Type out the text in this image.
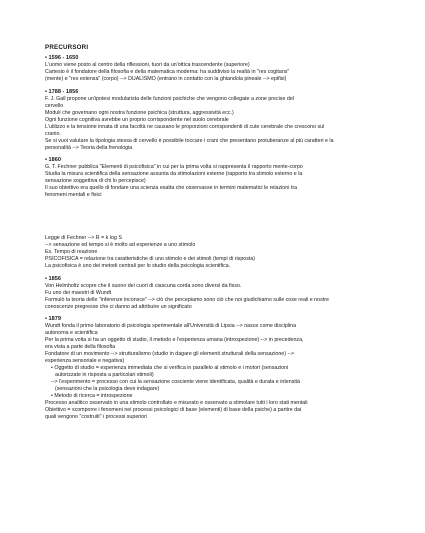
PRECURSORI

• 1596 - 1650

L'uomo viene posto al centro della riflessioni, tuori da un'ottica trascendente (superiore)

Cartesio è il fondatore della filosofia e della matematica moderna: ha suddiviso la realtà in "res cogitans"

(mente) e "res extensa" (corpo) --> DUALISMO (entrano in contatto con la ghiandola pineale --> epifisi)

• 1788 - 1856

F. J. Gall propone un'ipotesi modularista delle funzioni psichiche che vengono collegate a zone precise del

cervello

Moduli che governano ogni nostra funzione psichica (struttura, aggressività ecc.)

Ogni funzione cognitiva avrebbe un proprio corrispondente nel suolo cerebrale

L'utilizzo e la tensione innata di una facoltà ne causano le proporzioni corrispondenti di cute cerebrale che crescono sul

cranio.

Se si vuoi valutare la tipologia stessa di cervello è possibile toccare i crani che presentano protuberanze al più caratteri e la

personalità --> Teoria della frenologia

• 1860

G. T. Fechner pubblica "Elementi di psicofisica" in cui per la prima volta si rappresenta il rapporto mente-corpo

Studia la misura scientifica della sensazione assunta da stimolazioni esterne (rapporto tra stimolo esterno e la

sensazione soggettiva di chi lo percepisce)

Il suo obiettivo era quello di fondare una scienza esatta che osservasse in termini matematici le relazioni tra

fenomeni mentali e fisici

Legge di Fechner --> R = k log S

--> sensazione ed tempo si è molto ad esperienze a uno stimolo

Es. Tempo di reazione

PSICOFISICA = relazione tra caratteristiche di uno stimolo e dei stimoli (tempi di risposta)

La psicofisica è uno dei metodi centrali per lo studio della psicologia scientifica.

• 1856

Von Helmholtz scopre che il suono dei cuori di ciascuna corda sono diversi da fisso.

Fu uno dei maestri di Wundt

Formulò la teoria delle "inferenze inconsce" --> ciò che percepiamo sono ciò che noi giudichiamo sulle cose reali e nostre

conoscenze pregresse che ci danno ad attribuire un significato

• 1879

Wundt fonda il primo laboratorio di psicologia sperimentale all'Università di Lipsia --> nasce come disciplina

autonoma e scientifica

Per la prima volta si ha un oggetto di studio, il metodo e l'esperienza umana (introspezione) --> in precedenza,

era vista a parte della filosofia

Fondatore di un movimento --> strutturalismo (studio in dagare gli elementi strutturali della sensazione) -->

esperienza sensoriale e negativa)

• Oggetto di studio = esperienza immediata che si verifica in parallelo al stimolo e i motori (sensazioni

autorizzate in risposta a particolari stimoli)

--> l'esperimento = processo con cui la sensazione cosciente viene identificata, qualità e durata e intensità

(sensazioni che la psicologia deve indagare)

• Metodo di ricerca = introspezione

Processo analitico osservato in una stimolo controllato e misurato e osservato a stimolare tutti i loro stati mentali

Obiettivo = scomporre i fenomeni nei processi psicologici di base (elementi) di base della psiche) a partire dai

quali vengono "costruiti" i processi superiori
